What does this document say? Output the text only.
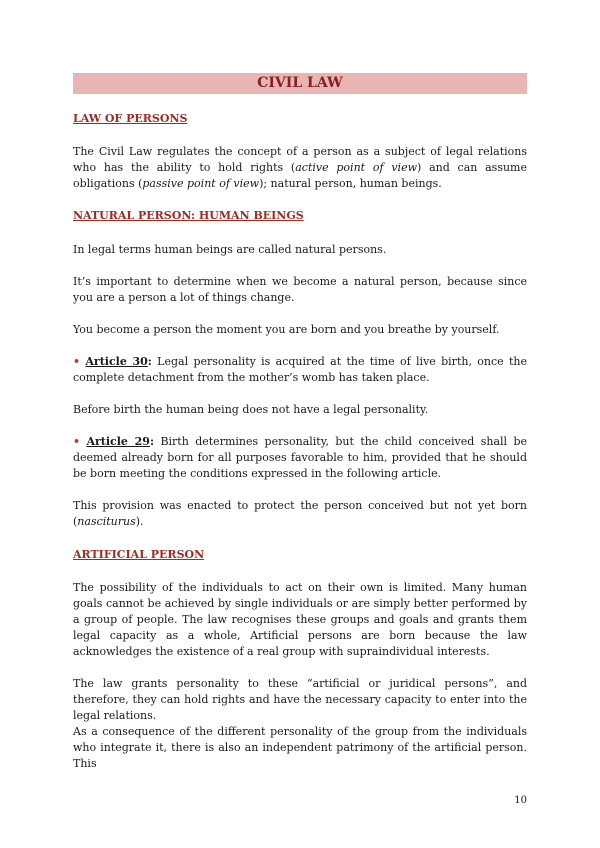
CIVIL LAW
LAW OF PERSONS

The Civil Law regulates the concept of a person as a subject of legal relations who has the ability to hold rights (active point of view) and can assume obligations (passive point of view); natural person, human beings.

NATURAL PERSON: HUMAN BEINGS

In legal terms human beings are called natural persons.

It’s important to determine when we become a natural person, because since you are a person a lot of things change.

You become a person the moment you are born and you breathe by yourself.

• Article 30: Legal personality is acquired at the time of live birth, once the complete detachment from the mother’s womb has taken place.

Before birth the human being does not have a legal personality.

• Article 29: Birth determines personality, but the child conceived shall be deemed already born for all purposes favorable to him, provided that he should be born meeting the conditions expressed in the following article.

This provision was enacted to protect the person conceived but not yet born (nasciturus).

ARTIFICIAL PERSON

The possibility of the individuals to act on their own is limited. Many human goals cannot be achieved by single individuals or are simply better performed by a group of people. The law recognises these groups and goals and grants them legal capacity as a whole, Artificial persons are born because the law acknowledges the existence of a real group with supraindividual interests.

The law grants personality to these “artificial or juridical persons”, and therefore, they can hold rights and have the necessary capacity to enter into the legal relations.

As a consequence of the different personality of the group from the individuals who integrate it, there is also an independent patrimony of the artificial person. This

10
